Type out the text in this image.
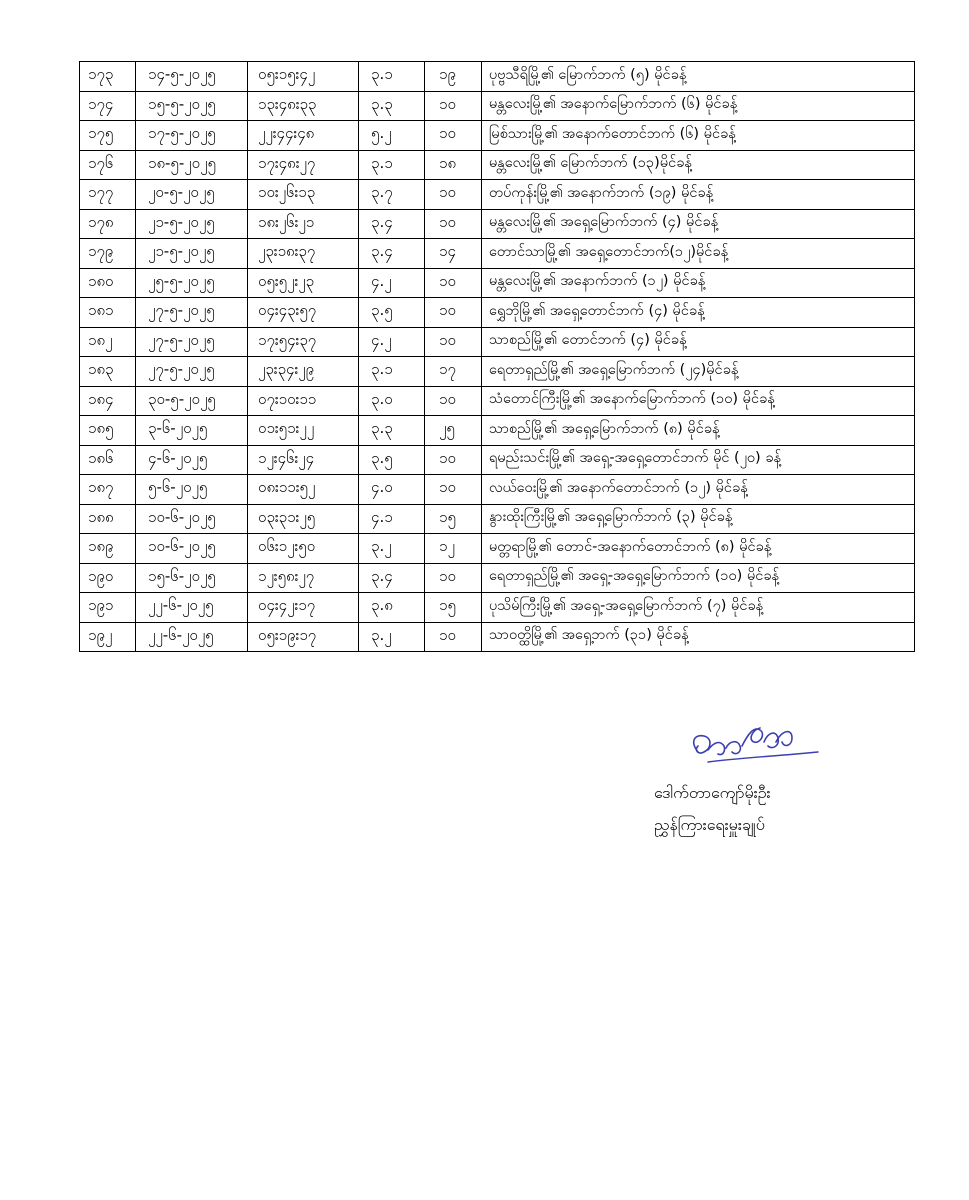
၁၇၃	၁၄-၅-၂၀၂၅	၀၅း၁၅း၄၂	၃.၁	၁၉	ပုဗ္ဗသီရိမြို့၏ မြောက်ဘက် (၅) မိုင်ခန့်
၁၇၄	၁၅-၅-၂၀၂၅	၁၃း၄၈း၃၃	၃.၃	၁၀	မန္တလေးမြို့၏ အနောက်မြောက်ဘက် (၆) မိုင်ခန့်
၁၇၅	၁၇-၅-၂၀၂၅	၂၂း၄၄း၄၈	၅.၂	၁၀	မြစ်သားမြို့၏ အနောက်တောင်ဘက် (၆) မိုင်ခန့်
၁၇၆	၁၈-၅-၂၀၂၅	၁၇း၄၈း၂၇	၃.၁	၁၈	မန္တလေးမြို့၏ မြောက်ဘက် (၁၃)မိုင်ခန့်
၁၇၇	၂၀-၅-၂၀၂၅	၁၀း၂၆း၁၃	၃.၇	၁၀	တပ်ကုန်းမြို့၏ အနောက်ဘက် (၁၉) မိုင်ခန့်
၁၇၈	၂၁-၅-၂၀၂၅	၁၈း၂၆း၂၁	၃.၄	၁၀	မန္တလေးမြို့၏ အရှေ့မြောက်ဘက် (၄) မိုင်ခန့်
၁၇၉	၂၁-၅-၂၀၂၅	၂၃း၁၈း၃၇	၃.၄	၁၄	တောင်သာမြို့၏ အရှေ့တောင်ဘက်(၁၂)မိုင်ခန့်
၁၈၀	၂၅-၅-၂၀၂၅	၀၅း၅၂း၂၃	၄.၂	၁၀	မန္တလေးမြို့၏ အနောက်ဘက် (၁၂) မိုင်ခန့်
၁၈၁	၂၇-၅-၂၀၂၅	၀၄း၄၃း၅၇	၃.၅	၁၀	ရွှေဘိုမြို့၏ အရှေ့တောင်ဘက် (၄) မိုင်ခန့်
၁၈၂	၂၇-၅-၂၀၂၅	၁၇း၅၄း၃၇	၄.၂	၁၀	သာစည်မြို့၏ တောင်ဘက် (၄) မိုင်ခန့်
၁၈၃	၂၇-၅-၂၀၂၅	၂၃း၃၄း၂၉	၃.၁	၁၇	ရေတာရှည်မြို့၏ အရှေ့မြောက်ဘက် (၂၄)မိုင်ခန့်
၁၈၄	၃၀-၅-၂၀၂၅	၀၇း၁၀း၁၁	၃.၀	၁၀	သံတောင်ကြီးမြို့၏ အနောက်မြောက်ဘက် (၁၀) မိုင်ခန့်
၁၈၅	၃-၆-၂၀၂၅	၀၁း၅၁း၂၂	၃.၃	၂၅	သာစည်မြို့၏ အရှေ့မြောက်ဘက် (၈) မိုင်ခန့်
၁၈၆	၄-၆-၂၀၂၅	၁၂း၄၆း၂၄	၃.၅	၁၀	ရမည်းသင်းမြို့၏ အရှေ့-အရှေ့တောင်ဘက် မိုင် (၂၀) ခန့်
၁၈၇	၅-၆-၂၀၂၅	၀၈း၁၁း၅၂	၄.၀	၁၀	လယ်ဝေးမြို့၏ အနောက်တောင်ဘက် (၁၂) မိုင်ခန့်
၁၈၈	၁၀-၆-၂၀၂၅	၀၃း၃၁း၂၅	၄.၁	၁၅	နွားထိုးကြီးမြို့၏ အရှေ့မြောက်ဘက် (၃) မိုင်ခန့်
၁၈၉	၁၀-၆-၂၀၂၅	၀၆း၁၂း၅၀	၃.၂	၁၂	မတ္တရာမြို့၏ တောင်-အနောက်တောင်ဘက် (၈) မိုင်ခန့်
၁၉၀	၁၅-၆-၂၀၂၅	၁၂း၅၈း၂၇	၃.၄	၁၀	ရေတာရှည်မြို့၏ အရှေ့-အရှေ့မြောက်ဘက် (၁၀) မိုင်ခန့်
၁၉၁	၂၂-၆-၂၀၂၅	၀၄း၄၂း၁၇	၃.၈	၁၅	ပုသိမ်ကြီးမြို့၏ အရှေ့-အရှေ့မြောက်ဘက် (၇) မိုင်ခန့်
၁၉၂	၂၂-၆-၂၀၂၅	၀၅း၁၉း၁၇	၃.၂	၁၀	သာဝတ္ထိမြို့၏ အရှေ့ဘက် (၃၁) မိုင်ခန့်
ဒေါက်တာကျော်မိုးဦး
ညွှန်ကြားရေးမှူးချုပ်
